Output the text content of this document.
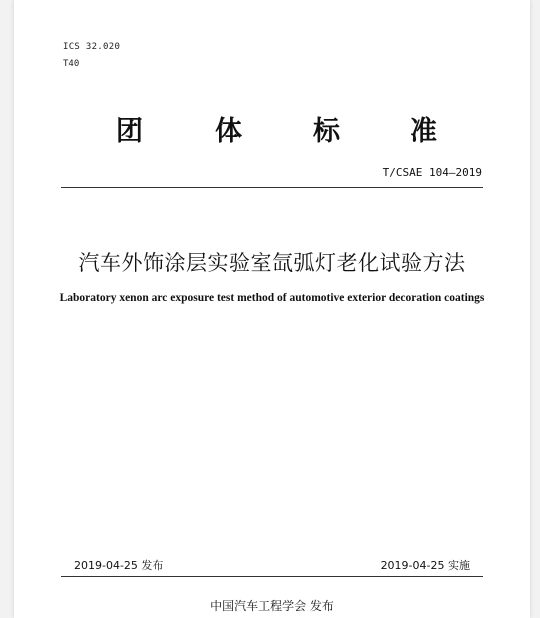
ICS 32.020
T40
团	体	标	准
T/CSAE 104—2019
汽车外饰涂层实验室氙弧灯老化试验方法
Laboratory xenon arc exposure test method of automotive exterior decoration coatings
2019-04-25 发布	2019-04-25 实施
中国汽车工程学会 发布
